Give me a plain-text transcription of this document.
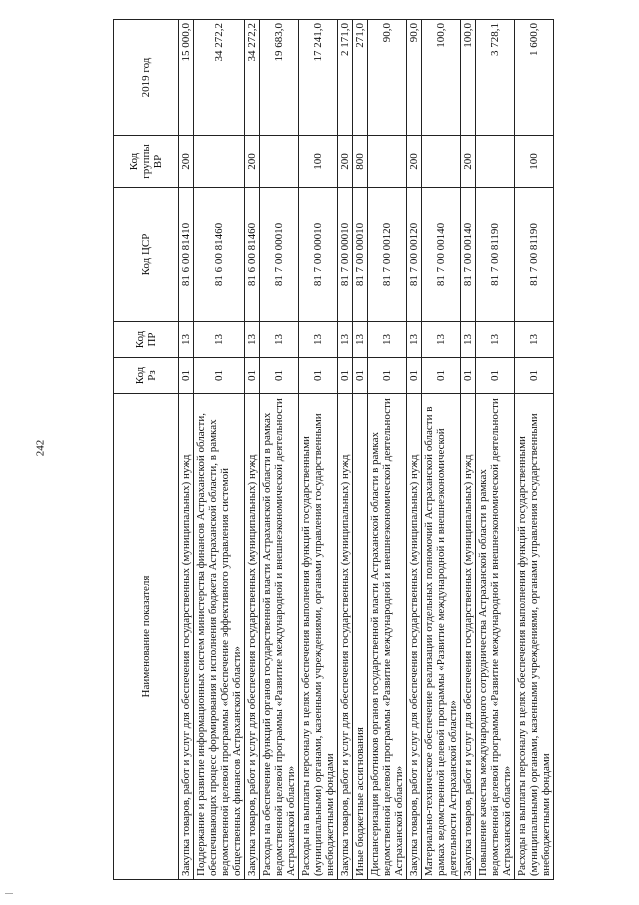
242
Наименование показателя	Код Рз	Код ПР	Код ЦСР	Код группы ВР	2019 год
Закупка товаров, работ и услуг для обеспечения государственных (муниципальных) нужд	01	13	81 6 00 81410	200	15 000,0
Поддержание и развитие информационных систем министерства финансов Астраханской области, обеспечивающих процесс формирования и исполнения бюджета Астраханской области, в рамках ведомственной целевой программы «Обеспечение эффективного управления системой общественных финансов Астраханской области»	01	13	81 6 00 81460		34 272,2
Закупка товаров, работ и услуг для обеспечения государственных (муниципальных) нужд	01	13	81 6 00 81460	200	34 272,2
Расходы на обеспечение функций органов государственной власти Астраханской области в рамках ведомственной целевой программы «Развитие международной и внешнеэкономической деятельности Астраханской области»	01	13	81 7 00 00010		19 683,0
Расходы на выплаты персоналу в целях обеспечения выполнения функций государственными (муниципальными) органами, казенными учреждениями, органами управления государственными внебюджетными фондами	01	13	81 7 00 00010	100	17 241,0
Закупка товаров, работ и услуг для обеспечения государственных (муниципальных) нужд	01	13	81 7 00 00010	200	2 171,0
Иные бюджетные ассигнования	01	13	81 7 00 00010	800	271,0
Диспансеризация работников органов государственной власти Астраханской области в рамках ведомственной целевой программы «Развитие международной и внешнеэкономической деятельности Астраханской области»	01	13	81 7 00 00120		90,0
Закупка товаров, работ и услуг для обеспечения государственных (муниципальных) нужд	01	13	81 7 00 00120	200	90,0
Материально-техническое обеспечение реализации отдельных полномочий Астраханской области в рамках ведомственной целевой программы «Развитие международной и внешнеэкономической деятельности Астраханской области»	01	13	81 7 00 00140		100,0
Закупка товаров, работ и услуг для обеспечения государственных (муниципальных) нужд	01	13	81 7 00 00140	200	100,0
Повышение качества международного сотрудничества Астраханской области в рамках ведомственной целевой программы «Развитие международной и внешнеэкономической деятельности Астраханской области»	01	13	81 7 00 81190		3 728,1
Расходы на выплаты персоналу в целях обеспечения выполнения функций государственными (муниципальными) органами, казенными учреждениями, органами управления государственными внебюджетными фондами	01	13	81 7 00 81190	100	1 600,0
